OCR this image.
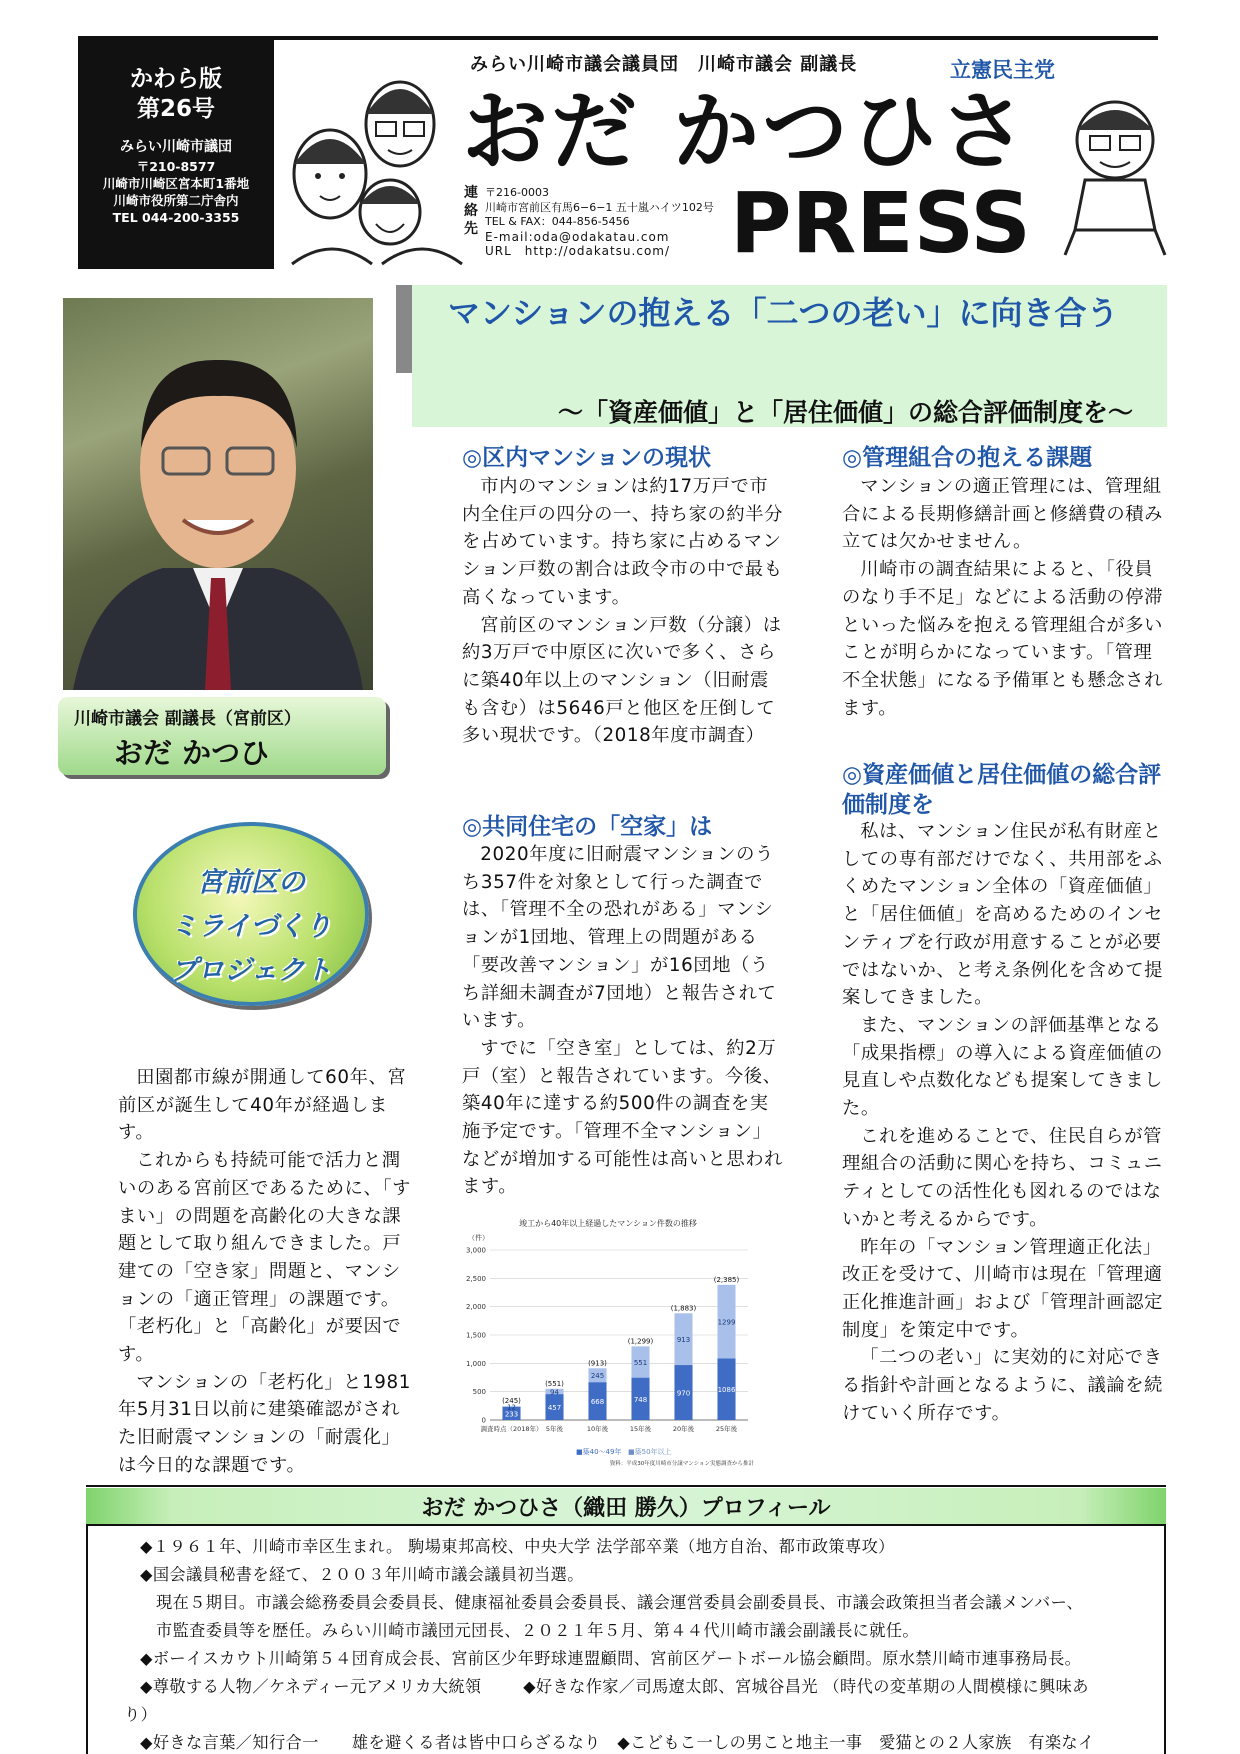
かわら版
第26号
みらい川崎市議団
〒210-8577
川崎市川崎区宮本町1番地
川崎市役所第二庁舎内
TEL 044-200-3355
みらい川崎市議会議員団　川崎市議会 副議長	立憲民主党
おだ かつひさ
PRESS
連絡先
〒216-0003
川崎市宮前区有馬6−6−1 五十嵐ハイツ102号
TEL & FAX：044-856-5456
E-mail:oda@odakatau.com
URL　http://odakatsu.com/
マンションの抱える「二つの老い」に向き合う
〜「資産価値」と「居住価値」の総合評価制度を〜
川崎市議会 副議長（宮前区）
おだ かつひ
宮前区の
ミライづくり
プロジェクト

田園都市線が開通して60年、宮前区が誕生して40年が経過します。

これからも持続可能で活力と潤いのある宮前区であるために、「すまい」の問題を高齢化の大きな課題として取り組んできました。戸建ての「空き家」問題と、マンションの「適正管理」の課題です。「老朽化」と「高齢化」が要因です。

マンションの「老朽化」と1981年5月31日以前に建築確認がされた旧耐震マンションの「耐震化」は今日的な課題です。

◎区内マンションの現状

市内のマンションは約17万戸で市内全住戸の四分の一、持ち家の約半分を占めています。持ち家に占めるマンション戸数の割合は政令市の中で最も高くなっています。

宮前区のマンション戸数（分譲）は約3万戸で中原区に次いで多く、さらに築40年以上のマンション（旧耐震も含む）は5646戸と他区を圧倒して多い現状です。（2018年度市調査）

◎共同住宅の「空家」は

2020年度に旧耐震マンションのうち357件を対象として行った調査では、「管理不全の恐れがある」マンションが1団地、管理上の問題がある「要改善マンション」が16団地（うち詳細未調査が7団地）と報告されています。

すでに「空き室」としては、約2万戸（室）と報告されています。今後、築40年に達する約500件の調査を実施予定です。「管理不全マンション」などが増加する可能性は高いと思われます。

◎管理組合の抱える課題

マンションの適正管理には、管理組合による長期修繕計画と修繕費の積み立ては欠かせません。

川崎市の調査結果によると、「役員のなり手不足」などによる活動の停滞といった悩みを抱える管理組合が多いことが明らかになっています。「管理不全状態」になる予備軍とも懸念されます。

◎資産価値と居住価値の総合評価制度を

私は、マンション住民が私有財産としての専有部だけでなく、共用部をふくめたマンション全体の「資産価値」と「居住価値」を高めるためのインセンティブを行政が用意することが必要ではないか、と考え条例化を含めて提案してきました。

また、マンションの評価基準となる「成果指標」の導入による資産価値の見直しや点数化なども提案してきました。

これを進めることで、住民自らが管理組合の活動に関心を持ち、コミュニティとしての活性化も図れるのではないかと考えるからです。

昨年の「マンション管理適正化法」改正を受けて、川崎市は現在「管理適正化推進計画」および「管理計画認定制度」を策定中です。

「二つの老い」に実効的に対応できる指針や計画となるように、議論を続けていく所存です。

竣工から40年以上経過したマンション件数の推移
（件）
3,000
2,500
2,000
1,500
1,000
500
0
233
12
(245)
457
94
(551)
668
245
(913)
748
551
(1,299)
970
913
(1,883)
1086
1299
(2,385)
調査時点（2018年） 5年後	10年後	15年後	20年後	25年後
■築40〜49年 ■築50年以上
資料：平成30年度川崎市分譲マンション実態調査から推計
おだ かつひさ（織田 勝久）プロフィール
◆１９６１年、川崎市幸区生まれ。 駒場東邦高校、中央大学 法学部卒業（地方自治、都市政策専攻）
◆国会議員秘書を経て、２００３年川崎市議会議員初当選。
現在５期目。市議会総務委員会委員長、健康福祉委員会委員長、議会運営委員会副委員長、市議会政策担当者会議メンバー、
市監査委員等を歴任。みらい川崎市議団元団長、２０２１年５月、第４４代川崎市議会副議長に就任。
◆ボーイスカウト川崎第５４団育成会長、宮前区少年野球連盟顧問、宮前区ゲートボール協会顧問。原水禁川崎市連事務局長。
◆尊敬する人物／ケネディー元アメリカ大統領	◆好きな作家／司馬遼太郎、宮城谷昌光 （時代の変革期の人間模様に興味あ
り）
◆好きな言葉／知行合一　　雄を避くる者は皆中口らざるなり　◆こどもこ一しの男こと地主一事　愛猫との２人家族　有楽なイ
